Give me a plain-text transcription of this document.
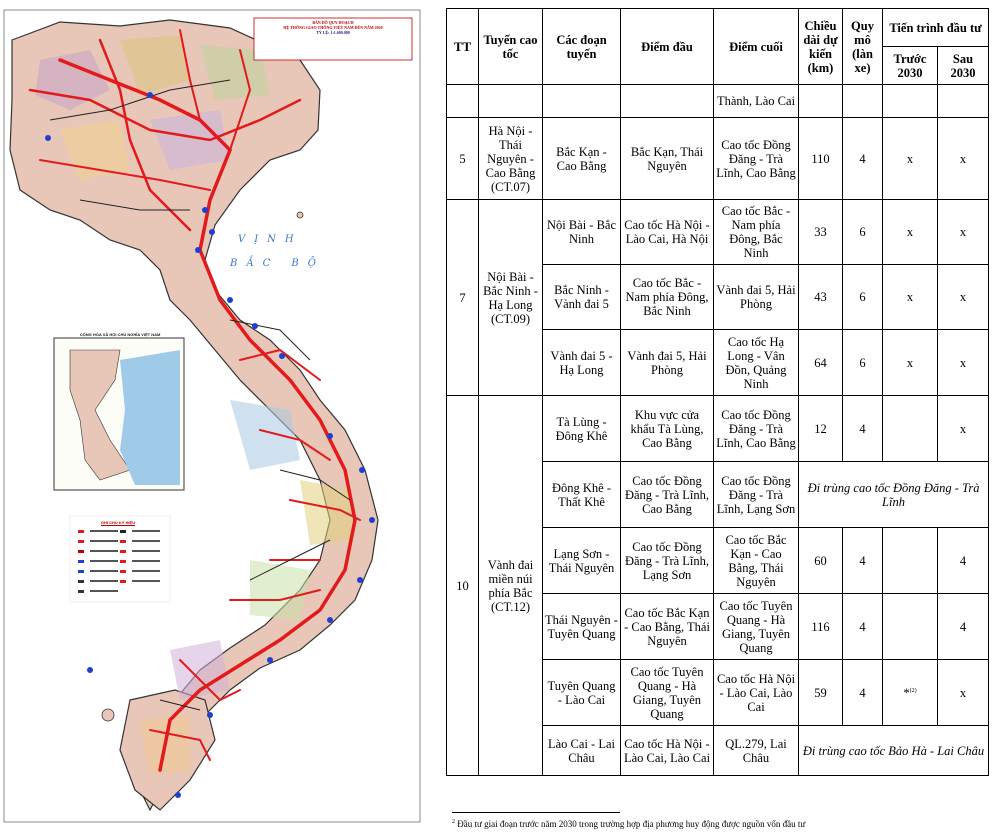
BẢN ĐỒ QUY HOẠCH
HỆ THỐNG GIAO THÔNG VIỆT NAM ĐẾN NĂM 2050
TỶ LỆ: 1:1.600.000
VỊNH
BẮC BỘ
CỘNG HÒA XÃ HỘI CHỦ NGHĨA VIỆT NAM
GHI CHÚ KÝ HIỆU
TT	Tuyến cao tốc	Các đoạn tuyến	Điểm đầu	Điểm cuối	Chiều dài dự kiến (km)	Quy mô (làn xe)	Tiến trình đầu tư	
							Trước 2030	Sau 2030
				Thành, Lào Cai				
5	Hà Nội - Thái Nguyên - Cao Bằng (CT.07)	Bắc Kạn - Cao Bằng	Bắc Kạn, Thái Nguyên	Cao tốc Đồng Đăng - Trà Lĩnh, Cao Bằng	110	4	x	x
7	Nội Bài - Bắc Ninh - Hạ Long (CT.09)	Nội Bài - Bắc Ninh	Cao tốc Hà Nội - Lào Cai, Hà Nội	Cao tốc Bắc - Nam phía Đông, Bắc Ninh	33	6	x	x
		Bắc Ninh - Vành đai 5	Cao tốc Bắc - Nam phía Đông, Bắc Ninh	Vành đai 5, Hải Phòng	43	6	x	x
		Vành đai 5 - Hạ Long	Vành đai 5, Hải Phòng	Cao tốc Hạ Long - Vân Đồn, Quảng Ninh	64	6	x	x
10	Vành đai miền núi phía Bắc (CT.12)	Tà Lùng - Đông Khê	Khu vực cửa khẩu Tà Lùng, Cao Bằng	Cao tốc Đồng Đăng - Trà Lĩnh, Cao Bằng	12	4		x
		Đông Khê - Thất Khê	Cao tốc Đồng Đăng - Trà Lĩnh, Cao Bằng	Cao tốc Đồng Đăng - Trà Lĩnh, Lạng Sơn	Đi trùng cao tốc Đồng Đăng - Trà Lĩnh			
		Lạng Sơn - Thái Nguyên	Cao tốc Đồng Đăng - Trà Lĩnh, Lạng Sơn	Cao tốc Bắc Kạn - Cao Bằng, Thái Nguyên	60	4		4
		Thái Nguyên - Tuyên Quang	Cao tốc Bắc Kạn - Cao Bằng, Thái Nguyên	Cao tốc Tuyên Quang - Hà Giang, Tuyên Quang	116	4		4
		Tuyên Quang - Lào Cai	Cao tốc Tuyên Quang - Hà Giang, Tuyên Quang	Cao tốc Hà Nội - Lào Cai, Lào Cai	59	4	*$^{(2)}$	x
		Lào Cai - Lai Châu	Cao tốc Hà Nội - Lào Cai, Lào Cai	QL.279, Lai Châu	Đi trùng cao tốc Bảo Hà - Lai Châu			
$^2$ Đầu tư giai đoạn trước năm 2030 trong trường hợp địa phương huy động được nguồn vốn đầu tư
